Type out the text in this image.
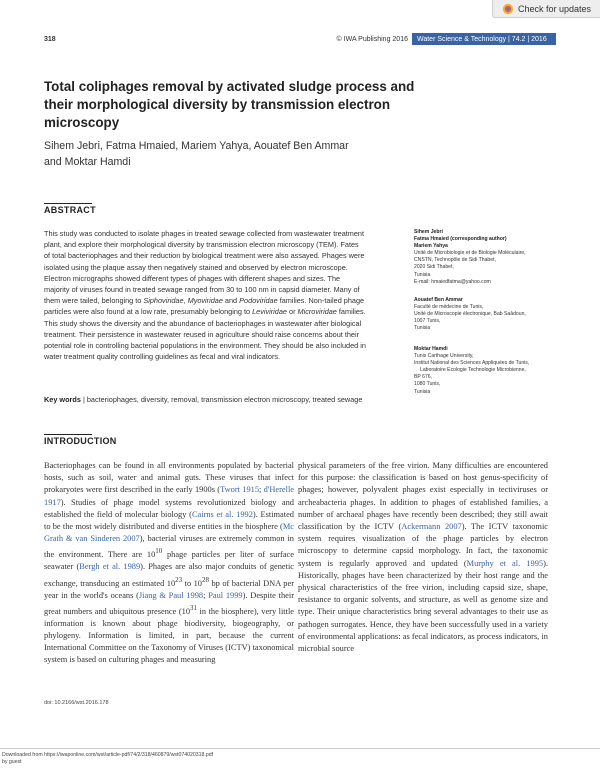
Check for updates
318	© IWA Publishing 2016	Water Science & Technology | 74.2 | 2016
Total coliphages removal by activated sludge process and their morphological diversity by transmission electron microscopy
Sihem Jebri, Fatma Hmaied, Mariem Yahya, Aouatef Ben Ammar
and Moktar Hamdi
ABSTRACT

This study was conducted to isolate phages in treated sewage collected from wastewater treatment plant, and explore their morphological diversity by transmission electron microscopy (TEM). Fates of total bacteriophages and their reduction by biological treatment were also assayed. Phages were isolated using the plaque assay then negatively stained and observed by electron microscope. Electron micrographs showed different types of phages with different shapes and sizes. The majority of viruses found in treated sewage ranged from 30 to 100 nm in capsid diameter. Many of them were tailed, belonging to Siphoviridae, Myoviridae and Podoviridae families. Non-tailed phage particles were also found at a low rate, presumably belonging to Leviviridae or Microviridae families. This study shows the diversity and the abundance of bacteriophages in wastewater after biological treatment. Their persistence in wastewater reused in agriculture should raise concerns about their potential role in controlling bacterial populations in the environment. They should be also included in water treatment quality controlling guidelines as fecal and viral indicators.

Key words | bacteriophages, diversity, removal, transmission electron microscopy, treated sewage
Sihem Jebri
Fatma Hmaied (corresponding author)
Mariem Yahya
Unité de Microbiologie et de Biologie Moléculaire,
CNSTN, Technopôle de Sidi Thabet,
2020 Sidi Thabet,
Tunisia
E-mail: hmaiedfatma@yahoo.com
Aouatef Ben Ammar
Faculté de médecine de Tunis,
Unité de Microscopie électronique, Bab Saâdoun,
1007 Tunis,
Tunisia
Moktar Hamdi
Tunis Carthage University,
Institut National des Sciences Appliquées de Tunis,
Laboratoire Ecologie Technologie Microbienne,
BP 676,
1080 Tunis,
Tunisia
INTRODUCTION

Bacteriophages can be found in all environments populated by bacterial hosts, such as soil, water and animal guts. These viruses that infect prokaryotes were first described in the early 1900s (Twort 1915; d'Herelle 1917). Studies of phage model systems revolutionized biology and established the field of molecular biology (Cairns et al. 1992). Estimated to be the most widely distributed and diverse entities in the biosphere (Mc Grath & van Sinderen 2007), bacterial viruses are extremely common in the environment. There are $10^{10}$ phage particles per liter of surface seawater (Bergh et al. 1989). Phages are also major conduits of genetic exchange, transducing an estimated $10^{23}$ to $10^{28}$ bp of bacterial DNA per year in the world's oceans (Jiang & Paul 1998; Paul 1999). Despite their great numbers and ubiquitous presence ($10^{31}$ in the biosphere), very little information is known about phage biodiversity, biogeography, or phylogeny. Information is limited, in part, because the current International Committee on the Taxonomy of Viruses (ICTV) taxonomical system is based on culturing phages and measuring

physical parameters of the free virion. Many difficulties are encountered for this purpose: the classification is based on host genus-specificity of phages; however, polyvalent phages exist especially in tectiviruses or archeabacteria phages. In addition to phages of established families, a number of archaeal phages have recently been described; they still await classification by the ICTV (Ackermann 2007). The ICTV taxonomic system requires visualization of the phage particles by electron microscopy to determine capsid morphology. In fact, the taxonomic system is regularly approved and updated (Murphy et al. 1995). Historically, phages have been characterized by their host range and the physical characteristics of the free virion, including capsid size, shape, resistance to organic solvents, and structure, as well as genome size and type. Their unique characteristics bring several advantages to their use as pathogen surrogates. Hence, they have been successfully used in a variety of environmental applications: as fecal indicators, as process indicators, in microbial source

doi: 10.2166/wst.2016.178
Downloaded from https://iwaponline.com/wst/article-pdf/74/2/318/460879/wst074020318.pdf
by guest
